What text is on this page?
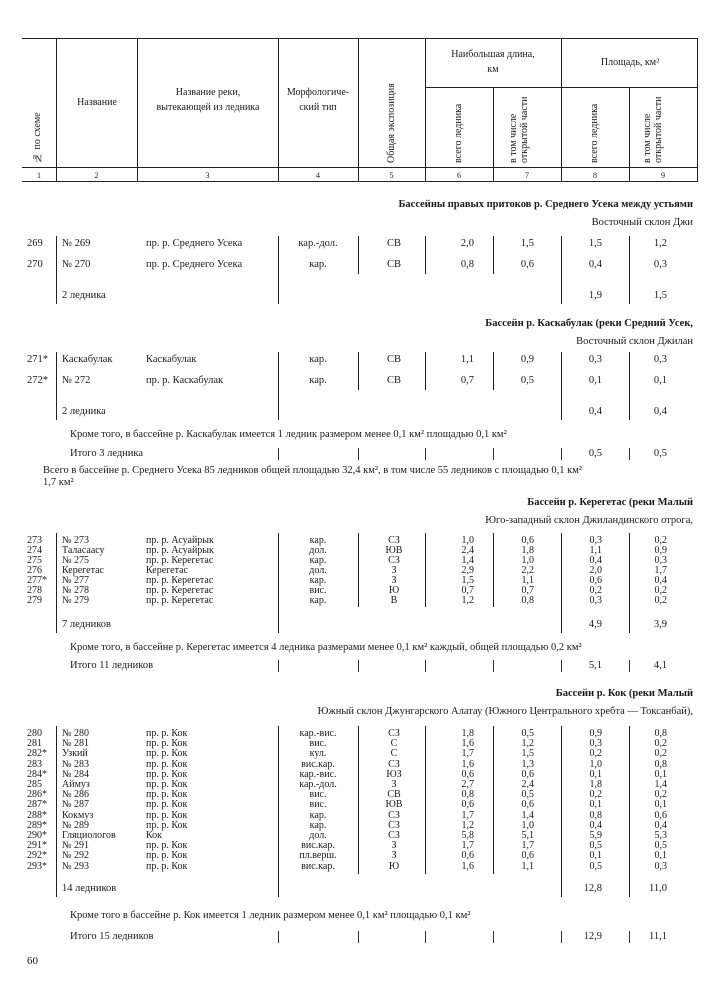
№ по схеме
Название
Название реки, вытекающей из ледника
Морфологиче-ский тип	Общая экспозиция
Наибольшая длина, км
Площадь, км²
всего ледника	в том числе открытой части	всего ледника	в том числе открытой части
1	2	3	4	5	6	7	8	9
Бассейны правых притоков р. Среднего Усека между устьями
Восточный склон Джи
269 № 269	пр. р. Среднего Усека	кар.-дол.	СВ	2,0	1,5	1,5	1,2
270 № 270	пр. р. Среднего Усека	кар.	СВ	0,8	0,6	0,4	0,3
2 ледника	1,9	1,5
Бассейн р. Каскабулак (реки Средний Усек,
Восточный склон Джилан
271* Каскабулак	Каскабулак	кар.	СВ	1,1	0,9	0,3	0,3
272* № 272	пр. р. Каскабулак	кар.	СВ	0,7	0,5	0,1	0,1
2 ледника	0,4	0,4
Кроме того, в бассейне р. Каскабулак имеется 1 ледник размером менее 0,1 км² площадью 0,1 км²
Итого 3 ледника	0,5	0,5
Всего в бассейне р. Среднего Усека 85 ледников общей площадью 32,4 км², в том числе 55 ледников с площадью 0,1 км²
1,7 км²
Бассейн р. Керегетас (реки Малый
Юго-западный склон Джиландинского отрога,
273 № 273	пр. р. Асуайрык	кар.	СЗ	1,0	0,6	0,3	0,2
274 Таласаасу	пр. р. Асуайрык	дол.	ЮВ	2,4	1,8	1,1	0,9
275 № 275	пр. р. Керегетас	кар.	СЗ	1,4	1,0	0,4	0,3
276 Керегетас	Керегетас	дол.	З	2,9	2,2	2,0	1,7
277* № 277	пр. р. Керегетас	кар.	З	1,5	1,1	0,6	0,4
278 № 278	пр. р. Керегетас	вис.	Ю	0,7	0,7	0,2	0,2
279 № 279	пр. р. Керегетас	кар.	В	1,2	0,8	0,3	0,2
7 ледников	4,9	3,9
Кроме того, в бассейне р. Керегетас имеется 4 ледника размерами менее 0,1 км² каждый, общей площадью 0,2 км²
Итого 11 ледников	5,1	4,1
Бассейн р. Кок (реки Малый
Южный склон Джунгарского Алатау (Южного Центрального хребта — Токсанбай),
280 № 280	пр. р. Кок	кар.-вис.	СЗ	1,8	0,5	0,9	0,8
281 № 281	пр. р. Кок	вис.	С	1,6	1,2	0,3	0,2
282* Узкий	пр. р. Кок	кул.	С	1,7	1,5	0,2	0,2
283 № 283	пр. р. Кок	вис.кар.	СЗ	1,6	1,3	1,0	0,8
284* № 284	пр. р. Кок	кар.-вис.	ЮЗ	0,6	0,6	0,1	0,1
285 Аймуз	пр. р. Кок	кар.-дол.	З	2,7	2,4	1,8	1,4
286* № 286	пр. р. Кок	вис.	СВ	0,8	0,5	0,2	0,2
287* № 287	пр. р. Кок	вис.	ЮВ	0,6	0,6	0,1	0,1
288* Кокмуз	пр. р. Кок	кар.	СЗ	1,7	1,4	0,8	0,6
289* № 289	пр. р. Кок	кар.	СЗ	1,2	1,0	0,4	0,4
290* Гляциологов	Кок	дол.	СЗ	5,8	5,1	5,9	5,3
291* № 291	пр. р. Кок	вис.кар.	З	1,7	1,7	0,5	0,5
292* № 292	пр. р. Кок	пл.верш.	З	0,6	0,6	0,1	0,1
293* № 293	пр. р. Кок	вис.кар.	Ю	1,6	1,1	0,5	0,3
14 ледников	12,8	11,0
Кроме того в бассейне р. Кок имеется 1 ледник размером менее 0,1 км² площадью 0,1 км²
Итого 15 ледников	12,9	11,1
60
